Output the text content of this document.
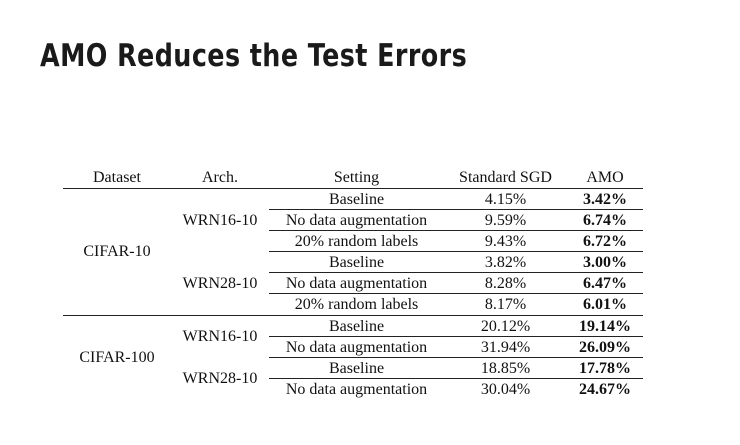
AMO Reduces the Test Errors
Dataset	Arch.	Setting	Standard SGD	AMO
CIFAR-10
WRN16-10
Baseline	4.15%	3.42%
No data augmentation	9.59%	6.74%
20% random labels	9.43%	6.72%
WRN28-10
Baseline	3.82%	3.00%
No data augmentation	8.28%	6.47%
20% random labels	8.17%	6.01%
CIFAR-100
WRN16-10
Baseline	20.12%	19.14%
No data augmentation	31.94%	26.09%
WRN28-10
Baseline	18.85%	17.78%
No data augmentation	30.04%	24.67%
